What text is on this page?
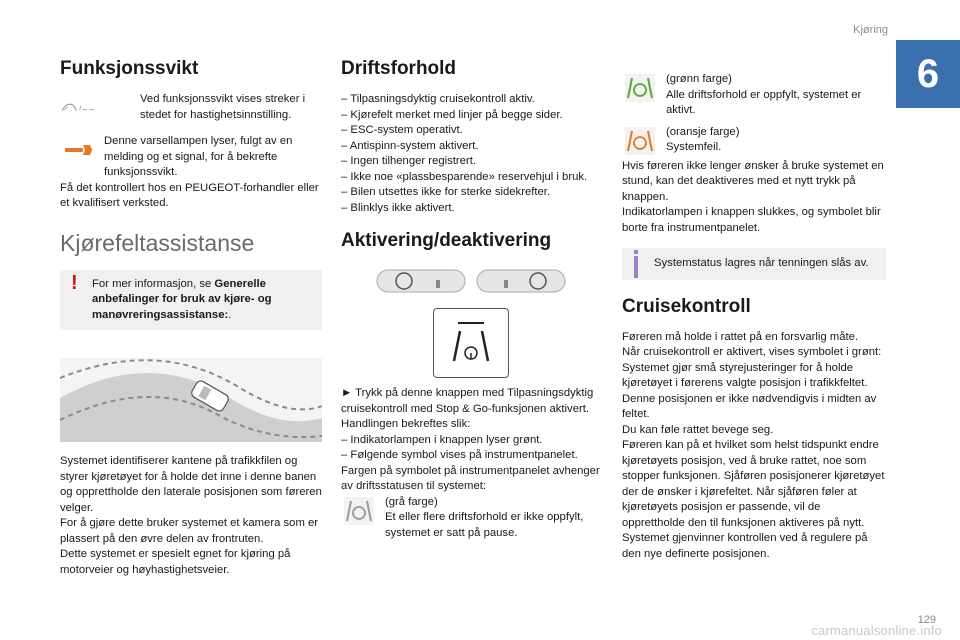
Kjøring
6
Funksjonssvikt

Ved funksjonssvikt vises streker i stedet for hastighetsinnstilling.

Denne varsellampen lyser, fulgt av en melding og et signal, for å bekrefte funksjonssvikt.

Få det kontrollert hos en PEUGEOT-forhandler eller et kvalifisert verksted.

Kjørefeltassistanse
! For mer informasjon, se Generelle anbefalinger for bruk av kjøre- og manøvreringsassistanse:.

Systemet identifiserer kantene på trafikkfilen og styrer kjøretøyet for å holde det inne i denne banen og opprettholde den laterale posisjonen som føreren velger.

For å gjøre dette bruker systemet et kamera som er plassert på den øvre delen av frontruten.

Dette systemet er spesielt egnet for kjøring på motorveier og høyhastighetsveier.

Driftsforhold
– Tilpasningsdyktig cruisekontroll aktiv.
– Kjørefelt merket med linjer på begge sider.
– ESC-system operativt.
– Antispinn-system aktivert.
– Ingen tilhenger registrert.
– Ikke noe «plassbesparende» reservehjul i bruk.
– Bilen utsettes ikke for sterke sidekrefter.
– Blinklys ikke aktivert.
Aktivering/deaktivering

► Trykk på denne knappen med Tilpasningsdyktig cruisekontroll med Stop & Go-funksjonen aktivert.

Handlingen bekreftes slik:

– Indikatorlampen i knappen lyser grønt.
– Følgende symbol vises på instrumentpanelet.

Fargen på symbolet på instrumentpanelet avhenger av driftsstatusen til systemet:

(grå farge)

Et eller flere driftsforhold er ikke oppfylt, systemet er satt på pause.

(grønn farge)

Alle driftsforhold er oppfylt, systemet er aktivt.

(oransje farge)

Systemfeil.

Hvis føreren ikke lenger ønsker å bruke systemet en stund, kan det deaktiveres med et nytt trykk på knappen.

Indikatorlampen i knappen slukkes, og symbolet blir borte fra instrumentpanelet.

Systemstatus lagres når tenningen slås av.
Cruisekontroll

Føreren må holde i rattet på en forsvarlig måte.

Når cruisekontroll er aktivert, vises symbolet i grønt: Systemet gjør små styrejusteringer for å holde kjøretøyet i førerens valgte posisjon i trafikkfeltet. Denne posisjonen er ikke nødvendigvis i midten av feltet.

Du kan føle rattet bevege seg.

Føreren kan på et hvilket som helst tidspunkt endre kjøretøyets posisjon, ved å bruke rattet, noe som stopper funksjonen. Sjåføren posisjonerer kjøretøyet der de ønsker i kjørefeltet. Når sjåføren føler at kjøretøyets posisjon er passende, vil de opprettholde den til funksjonen aktiveres på nytt. Systemet gjenvinner kontrollen ved å regulere på den nye definerte posisjonen.

129
carmanualsonline.info
